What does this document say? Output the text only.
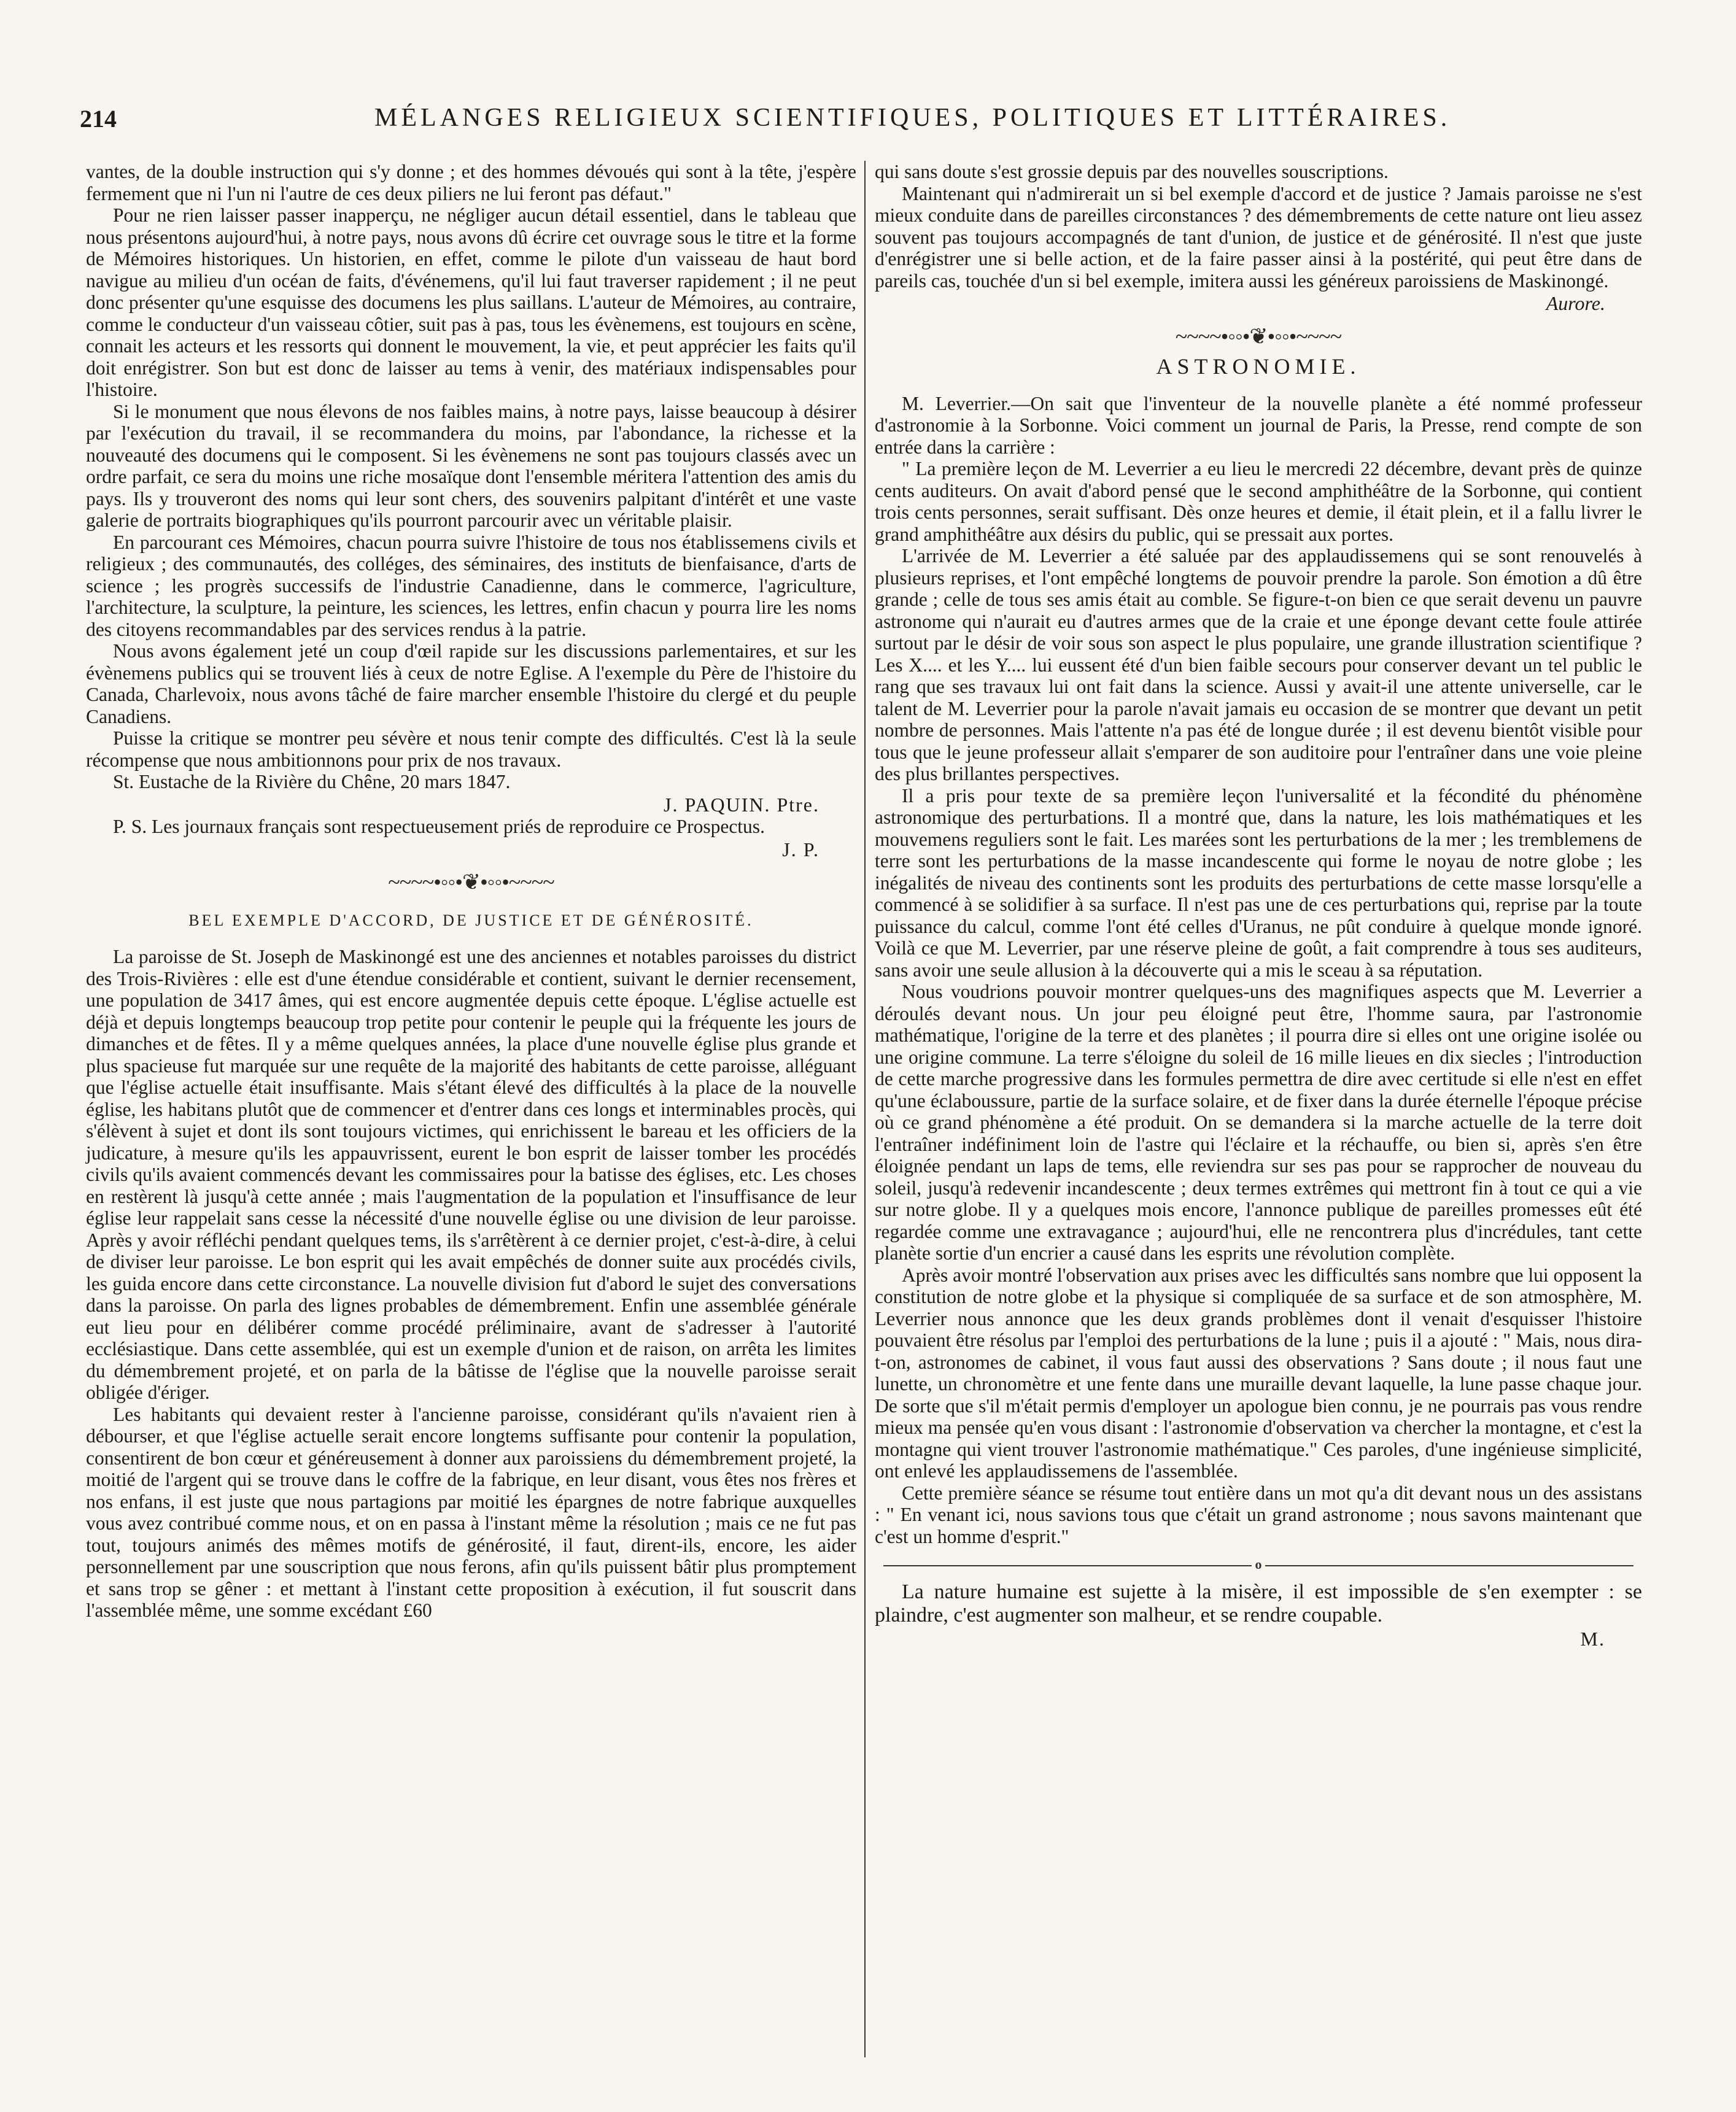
214	MÉLANGES RELIGIEUX SCIENTIFIQUES, POLITIQUES ET LITTÉRAIRES.

vantes, de la double instruction qui s'y donne ; et des hommes dévoués qui sont à la tête, j'espère fermement que ni l'un ni l'autre de ces deux piliers ne lui feront pas défaut."

Pour ne rien laisser passer inapperçu, ne négliger aucun détail essentiel, dans le tableau que nous présentons aujourd'hui, à notre pays, nous avons dû écrire cet ouvrage sous le titre et la forme de Mémoires historiques. Un historien, en effet, comme le pilote d'un vaisseau de haut bord navigue au milieu d'un océan de faits, d'événemens, qu'il lui faut traverser rapidement ; il ne peut donc présenter qu'une esquisse des documens les plus saillans. L'auteur de Mémoires, au contraire, comme le conducteur d'un vaisseau côtier, suit pas à pas, tous les évènemens, est toujours en scène, connait les acteurs et les ressorts qui donnent le mouvement, la vie, et peut apprécier les faits qu'il doit enrégistrer. Son but est donc de laisser au tems à venir, des matériaux indispensables pour l'histoire.

Si le monument que nous élevons de nos faibles mains, à notre pays, laisse beaucoup à désirer par l'exécution du travail, il se recommandera du moins, par l'abondance, la richesse et la nouveauté des documens qui le composent. Si les évènemens ne sont pas toujours classés avec un ordre parfait, ce sera du moins une riche mosaïque dont l'ensemble méritera l'attention des amis du pays. Ils y trouveront des noms qui leur sont chers, des souvenirs palpitant d'intérêt et une vaste galerie de portraits biographiques qu'ils pourront parcourir avec un véritable plaisir.

En parcourant ces Mémoires, chacun pourra suivre l'histoire de tous nos établissemens civils et religieux ; des communautés, des colléges, des séminaires, des instituts de bienfaisance, d'arts de science ; les progrès successifs de l'industrie Canadienne, dans le commerce, l'agriculture, l'architecture, la sculpture, la peinture, les sciences, les lettres, enfin chacun y pourra lire les noms des citoyens recommandables par des services rendus à la patrie.

Nous avons également jeté un coup d'œil rapide sur les discussions parlementaires, et sur les évènemens publics qui se trouvent liés à ceux de notre Eglise. A l'exemple du Père de l'histoire du Canada, Charlevoix, nous avons tâché de faire marcher ensemble l'histoire du clergé et du peuple Canadiens.

Puisse la critique se montrer peu sévère et nous tenir compte des difficultés. C'est là la seule récompense que nous ambitionnons pour prix de nos travaux.

St. Eustache de la Rivière du Chêne, 20 mars 1847.

J. PAQUIN. Ptre.

P. S. Les journaux français sont respectueusement priés de reproduire ce Prospectus.

J. P.
~~~~•◦◦•❦•◦◦•~~~~
BEL EXEMPLE D'ACCORD, DE JUSTICE ET DE GÉNÉROSITÉ.

La paroisse de St. Joseph de Maskinongé est une des anciennes et notables paroisses du district des Trois-Rivières : elle est d'une étendue considérable et contient, suivant le dernier recensement, une population de 3417 âmes, qui est encore augmentée depuis cette époque. L'église actuelle est déjà et depuis longtemps beaucoup trop petite pour contenir le peuple qui la fréquente les jours de dimanches et de fêtes. Il y a même quelques années, la place d'une nouvelle église plus grande et plus spacieuse fut marquée sur une requête de la majorité des habitants de cette paroisse, alléguant que l'église actuelle était insuffisante. Mais s'étant élevé des difficultés à la place de la nouvelle église, les habitans plutôt que de commencer et d'entrer dans ces longs et interminables procès, qui s'élèvent à sujet et dont ils sont toujours victimes, qui enrichissent le bareau et les officiers de la judicature, à mesure qu'ils les appauvrissent, eurent le bon esprit de laisser tomber les procédés civils qu'ils avaient commencés devant les commissaires pour la batisse des églises, etc. Les choses en restèrent là jusqu'à cette année ; mais l'augmentation de la population et l'insuffisance de leur église leur rappelait sans cesse la nécessité d'une nouvelle église ou une division de leur paroisse. Après y avoir réfléchi pendant quelques tems, ils s'arrêtèrent à ce dernier projet, c'est-à-dire, à celui de diviser leur paroisse. Le bon esprit qui les avait empêchés de donner suite aux procédés civils, les guida encore dans cette circonstance. La nouvelle division fut d'abord le sujet des conversations dans la paroisse. On parla des lignes probables de démembrement. Enfin une assemblée générale eut lieu pour en délibérer comme procédé préliminaire, avant de s'adresser à l'autorité ecclésiastique. Dans cette assemblée, qui est un exemple d'union et de raison, on arrêta les limites du démembrement projeté, et on parla de la bâtisse de l'église que la nouvelle paroisse serait obligée d'ériger.

Les habitants qui devaient rester à l'ancienne paroisse, considérant qu'ils n'avaient rien à débourser, et que l'église actuelle serait encore longtems suffisante pour contenir la population, consentirent de bon cœur et généreusement à donner aux paroissiens du démembrement projeté, la moitié de l'argent qui se trouve dans le coffre de la fabrique, en leur disant, vous êtes nos frères et nos enfans, il est juste que nous partagions par moitié les épargnes de notre fabrique auxquelles vous avez contribué comme nous, et on en passa à l'instant même la résolution ; mais ce ne fut pas tout, toujours animés des mêmes motifs de générosité, il faut, dirent-ils, encore, les aider personnellement par une souscription que nous ferons, afin qu'ils puissent bâtir plus promptement et sans trop se gêner : et mettant à l'instant cette proposition à exécution, il fut souscrit dans l'assemblée même, une somme excédant £60

qui sans doute s'est grossie depuis par des nouvelles souscriptions.

Maintenant qui n'admirerait un si bel exemple d'accord et de justice ? Jamais paroisse ne s'est mieux conduite dans de pareilles circonstances ? des démembrements de cette nature ont lieu assez souvent pas toujours accompagnés de tant d'union, de justice et de générosité. Il n'est que juste d'enrégistrer une si belle action, et de la faire passer ainsi à la postérité, qui peut être dans de pareils cas, touchée d'un si bel exemple, imitera aussi les généreux paroissiens de Maskinongé.

Aurore.
~~~~•◦◦•❦•◦◦•~~~~
ASTRONOMIE.

M. Leverrier.—On sait que l'inventeur de la nouvelle planète a été nommé professeur d'astronomie à la Sorbonne. Voici comment un journal de Paris, la Presse, rend compte de son entrée dans la carrière :

" La première leçon de M. Leverrier a eu lieu le mercredi 22 décembre, devant près de quinze cents auditeurs. On avait d'abord pensé que le second amphithéâtre de la Sorbonne, qui contient trois cents personnes, serait suffisant. Dès onze heures et demie, il était plein, et il a fallu livrer le grand amphithéâtre aux désirs du public, qui se pressait aux portes.

L'arrivée de M. Leverrier a été saluée par des applaudissemens qui se sont renouvelés à plusieurs reprises, et l'ont empêché longtems de pouvoir prendre la parole. Son émotion a dû être grande ; celle de tous ses amis était au comble. Se figure-t-on bien ce que serait devenu un pauvre astronome qui n'aurait eu d'autres armes que de la craie et une éponge devant cette foule attirée surtout par le désir de voir sous son aspect le plus populaire, une grande illustration scientifique ? Les X.... et les Y.... lui eussent été d'un bien faible secours pour conserver devant un tel public le rang que ses travaux lui ont fait dans la science. Aussi y avait-il une attente universelle, car le talent de M. Leverrier pour la parole n'avait jamais eu occasion de se montrer que devant un petit nombre de personnes. Mais l'attente n'a pas été de longue durée ; il est devenu bientôt visible pour tous que le jeune professeur allait s'emparer de son auditoire pour l'entraîner dans une voie pleine des plus brillantes perspectives.

Il a pris pour texte de sa première leçon l'universalité et la fécondité du phénomène astronomique des perturbations. Il a montré que, dans la nature, les lois mathématiques et les mouvemens reguliers sont le fait. Les marées sont les perturbations de la mer ; les tremblemens de terre sont les perturbations de la masse incandescente qui forme le noyau de notre globe ; les inégalités de niveau des continents sont les produits des perturbations de cette masse lorsqu'elle a commencé à se solidifier à sa surface. Il n'est pas une de ces perturbations qui, reprise par la toute puissance du calcul, comme l'ont été celles d'Uranus, ne pût conduire à quelque monde ignoré. Voilà ce que M. Leverrier, par une réserve pleine de goût, a fait comprendre à tous ses auditeurs, sans avoir une seule allusion à la découverte qui a mis le sceau à sa réputation.

Nous voudrions pouvoir montrer quelques-uns des magnifiques aspects que M. Leverrier a déroulés devant nous. Un jour peu éloigné peut être, l'homme saura, par l'astronomie mathématique, l'origine de la terre et des planètes ; il pourra dire si elles ont une origine isolée ou une origine commune. La terre s'éloigne du soleil de 16 mille lieues en dix siecles ; l'introduction de cette marche progressive dans les formules permettra de dire avec certitude si elle n'est en effet qu'une éclaboussure, partie de la surface solaire, et de fixer dans la durée éternelle l'époque précise où ce grand phénomène a été produit. On se demandera si la marche actuelle de la terre doit l'entraîner indéfiniment loin de l'astre qui l'éclaire et la réchauffe, ou bien si, après s'en être éloignée pendant un laps de tems, elle reviendra sur ses pas pour se rapprocher de nouveau du soleil, jusqu'à redevenir incandescente ; deux termes extrêmes qui mettront fin à tout ce qui a vie sur notre globe. Il y a quelques mois encore, l'annonce publique de pareilles promesses eût été regardée comme une extravagance ; aujourd'hui, elle ne rencontrera plus d'incrédules, tant cette planète sortie d'un encrier a causé dans les esprits une révolution complète.

Après avoir montré l'observation aux prises avec les difficultés sans nombre que lui opposent la constitution de notre globe et la physique si compliquée de sa surface et de son atmosphère, M. Leverrier nous annonce que les deux grands problèmes dont il venait d'esquisser l'histoire pouvaient être résolus par l'emploi des perturbations de la lune ; puis il a ajouté : " Mais, nous dira-t-on, astronomes de cabinet, il vous faut aussi des observations ? Sans doute ; il nous faut une lunette, un chronomètre et une fente dans une muraille devant laquelle, la lune passe chaque jour. De sorte que s'il m'était permis d'employer un apologue bien connu, je ne pourrais pas vous rendre mieux ma pensée qu'en vous disant : l'astronomie d'observation va chercher la montagne, et c'est la montagne qui vient trouver l'astronomie mathématique." Ces paroles, d'une ingénieuse simplicité, ont enlevé les applaudissemens de l'assemblée.

Cette première séance se résume tout entière dans un mot qu'a dit devant nous un des assistans : " En venant ici, nous savions tous que c'était un grand astronome ; nous savons maintenant que c'est un homme d'esprit."

o

La nature humaine est sujette à la misère, il est impossible de s'en exempter : se plaindre, c'est augmenter son malheur, et se rendre coupable.

M.
